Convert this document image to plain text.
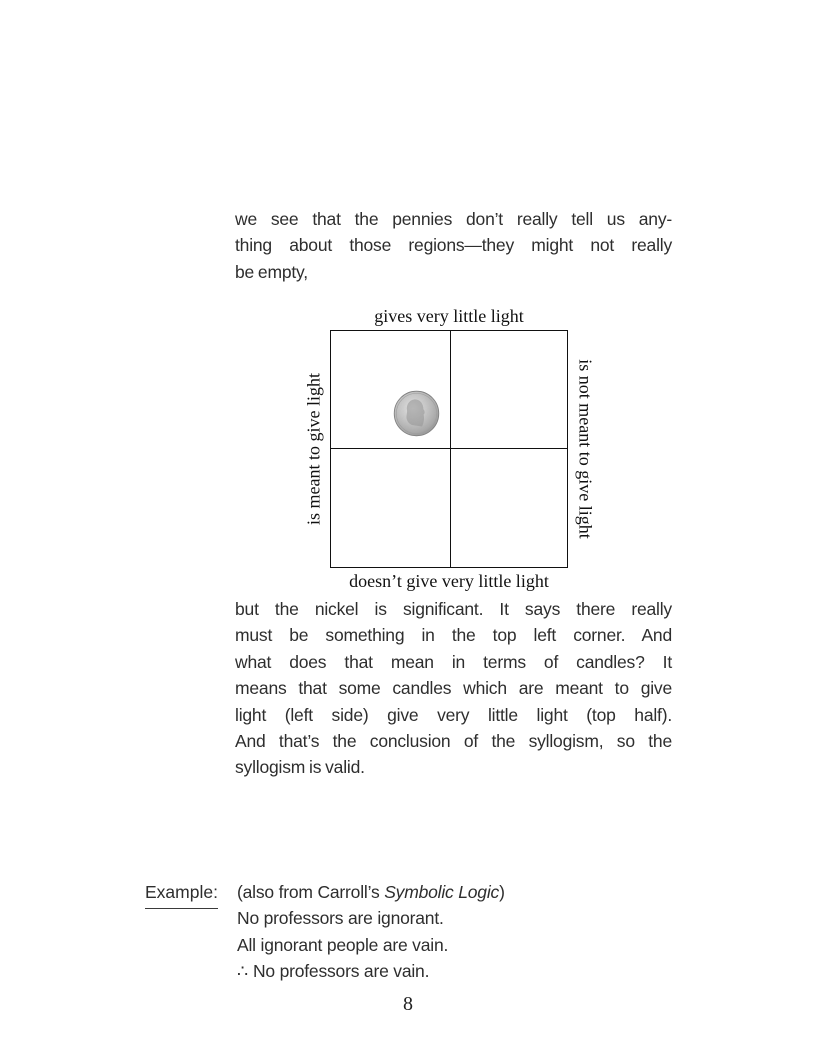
we see that the pennies don’t really tell us any-
thing about those regions—they might not really
be empty,
gives very little light
doesn’t give very little light
is meant to give light	is not meant to give light
but the nickel is significant. It says there really
must be something in the top left corner. And
what does that mean in terms of candles? It
means that some candles which are meant to give
light (left side) give very little light (top half).
And that’s the conclusion of the syllogism, so the
syllogism is valid.
Example: (also from Carroll’s Symbolic Logic)
No professors are ignorant.
All ignorant people are vain.
∴ No professors are vain.
8
